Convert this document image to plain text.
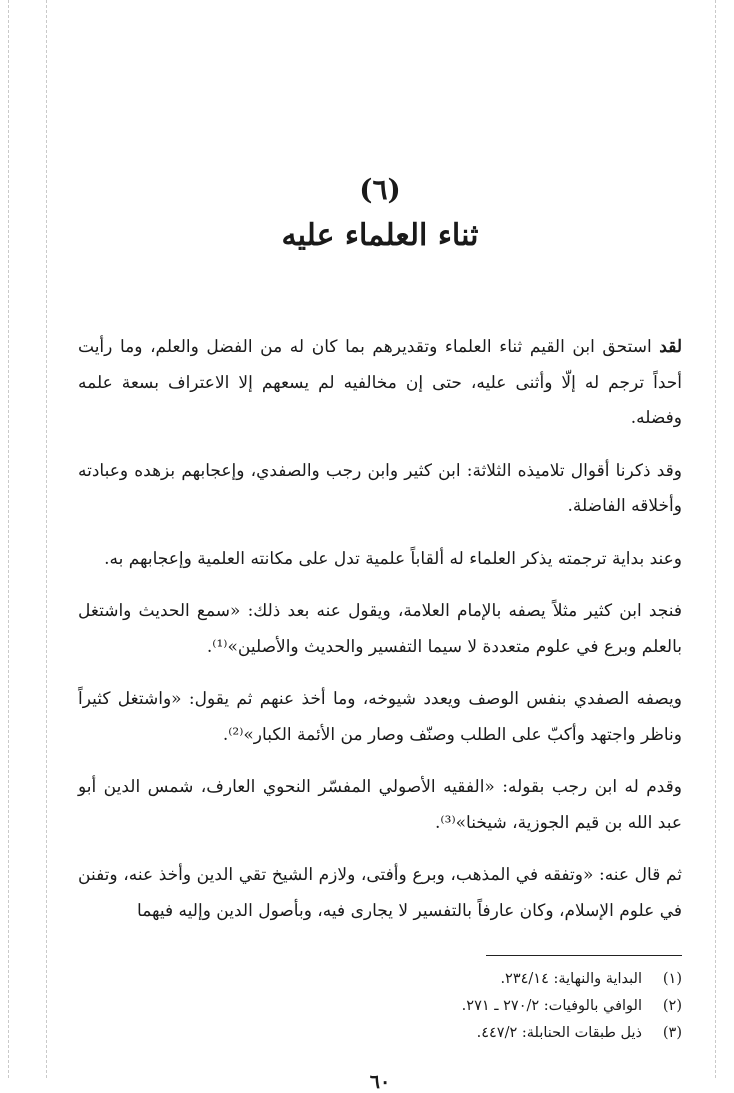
(٦)
ثناء العلماء عليه

لقد استحق ابن القيم ثناء العلماء وتقديرهم بما كان له من الفضل والعلم، وما رأيت أحداً ترجم له إلّا وأثنى عليه، حتى إن مخالفيه لم يسعهم إلا الاعتراف بسعة علمه وفضله.

وقد ذكرنا أقوال تلاميذه الثلاثة: ابن كثير وابن رجب والصفدي، وإعجابهم بزهده وعبادته وأخلاقه الفاضلة.

وعند بداية ترجمته يذكر العلماء له ألقاباً علمية تدل على مكانته العلمية وإعجابهم به.

فنجد ابن كثير مثلاً يصفه بالإمام العلامة، ويقول عنه بعد ذلك: «سمع الحديث واشتغل بالعلم وبرع في علوم متعددة لا سيما التفسير والحديث والأصلين»⁽¹⁾.

ويصفه الصفدي بنفس الوصف ويعدد شيوخه، وما أخذ عنهم ثم يقول: «واشتغل كثيراً وناظر واجتهد وأكبّ على الطلب وصنّف وصار من الأئمة الكبار»⁽²⁾.

وقدم له ابن رجب بقوله: «الفقيه الأصولي المفسّر النحوي العارف، شمس الدين أبو عبد الله بن قيم الجوزية، شيخنا»⁽³⁾.

ثم قال عنه: «وتفقه في المذهب، وبرع وأفتى، ولازم الشيخ تقي الدين وأخذ عنه، وتفنن في علوم الإسلام، وكان عارفاً بالتفسير لا يجارى فيه، وبأصول الدين وإليه فيهما

(١)
البداية والنهاية: ٢٣٤/١٤.
(٢)
الوافي بالوفيات: ٢٧٠/٢ ـ ٢٧١.
(٣)
ذيل طبقات الحنابلة: ٤٤٧/٢.
٦٠
